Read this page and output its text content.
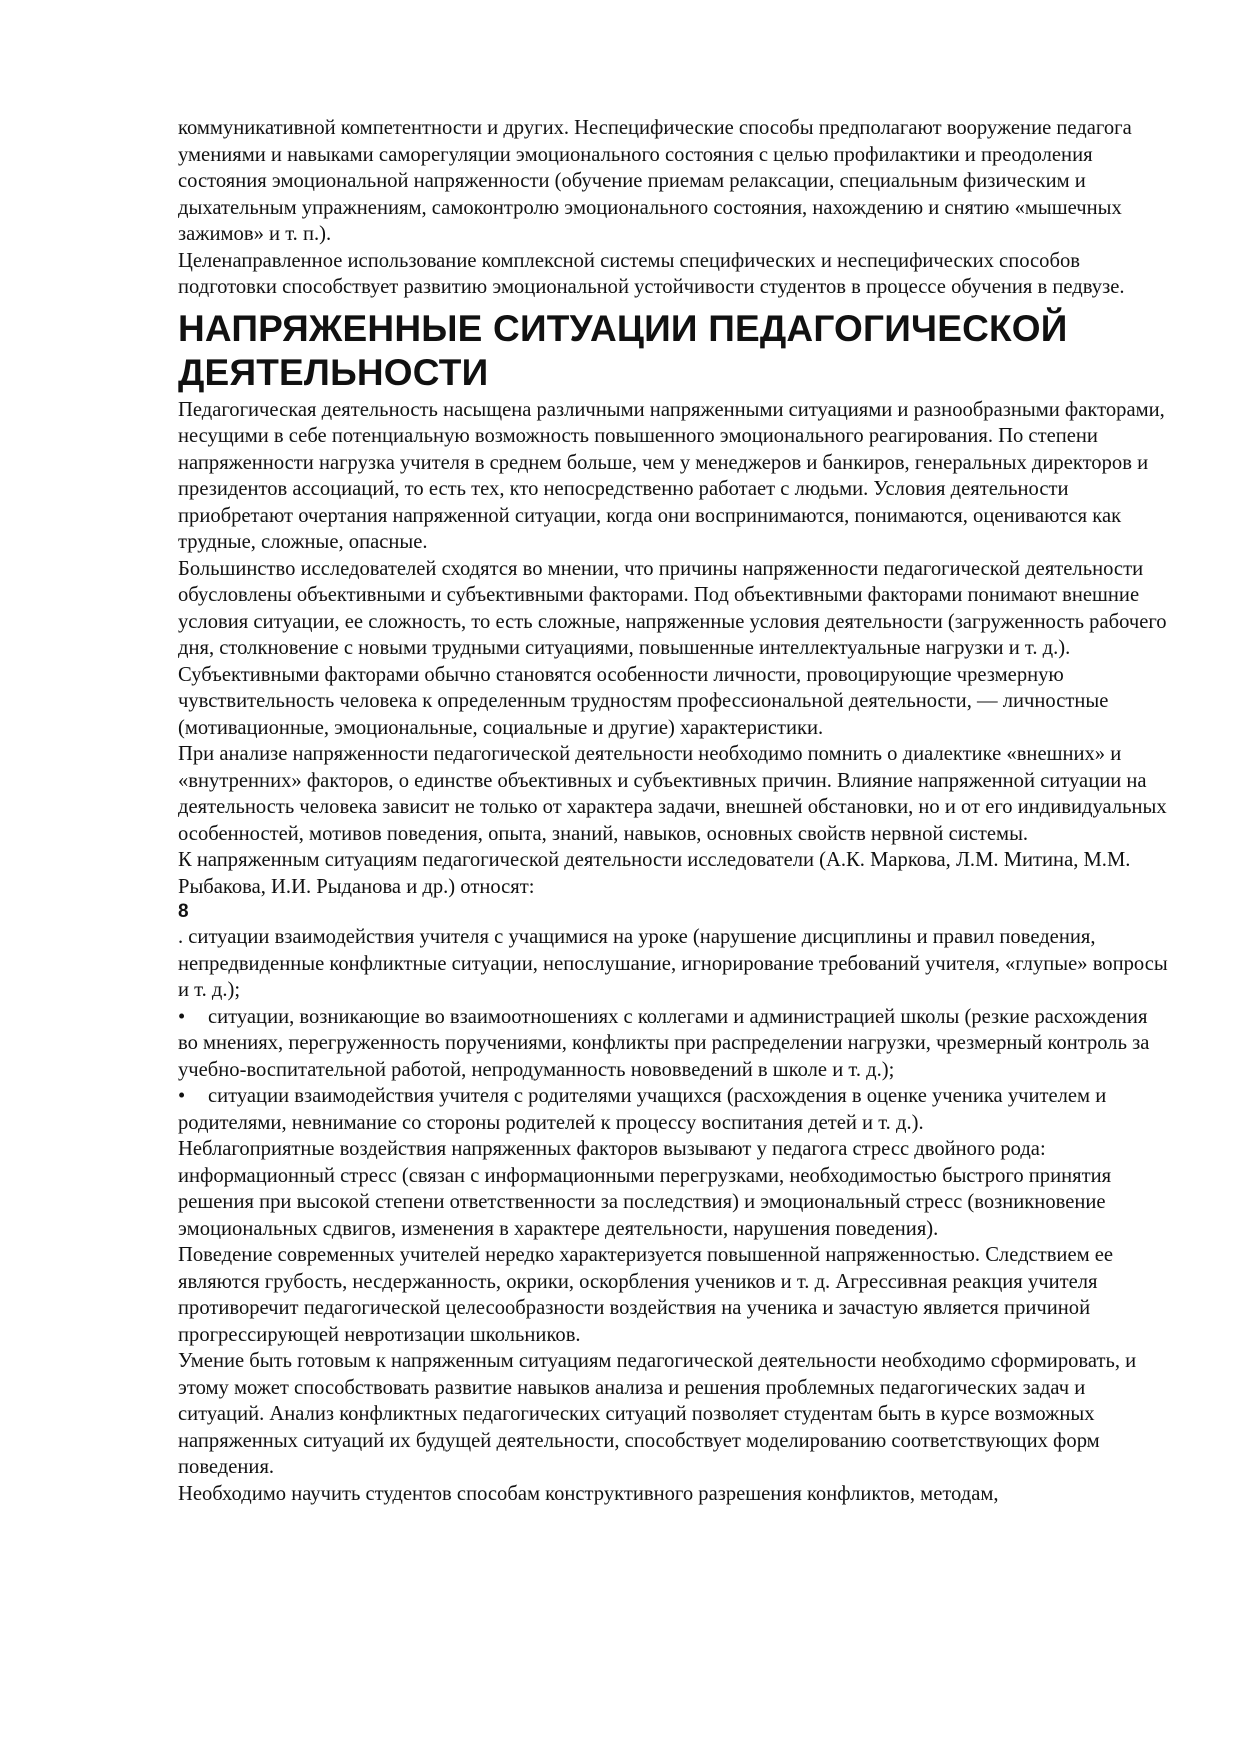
коммуникативной компетентности и других. Неспецифические способы предполагают вооружение педагога умениями и навыками саморегуляции эмоционального состояния с целью профилактики и преодоления состояния эмоциональной напряженности (обучение приемам релаксации, специальным физическим и дыхательным упражнениям, самоконтролю эмоционального состояния, нахождению и снятию «мышечных зажимов» и т. п.).

Целенаправленное использование комплексной системы специфических и неспецифических способов подготовки способствует развитию эмоциональной устойчивости студентов в процессе обучения в педвузе.

НАПРЯЖЕННЫЕ СИТУАЦИИ ПЕДАГОГИЧЕСКОЙ ДЕЯТЕЛЬНОСТИ

Педагогическая деятельность насыщена различными напряженными ситуациями и разнообразными факторами, несущими в себе потенциальную возможность повышенного эмоционального реагирования. По степени напряженности нагрузка учителя в среднем больше, чем у менеджеров и банкиров, генеральных директоров и президентов ассоциаций, то есть тех, кто непосредственно работает с людьми. Условия деятельности приобретают очертания напряженной ситуации, когда они воспринимаются, понимаются, оцениваются как трудные, сложные, опасные.

Большинство исследователей сходятся во мнении, что причины напряженности педагогической деятельности обусловлены объективными и субъективными факторами. Под объективными факторами понимают внешние условия ситуации, ее сложность, то есть сложные, напряженные условия деятельности (загруженность рабочего дня, столкновение с новыми трудными ситуациями, повышенные интеллектуальные нагрузки и т. д.). Субъективными факторами обычно становятся особенности личности, провоцирующие чрезмерную чувствительность человека к определенным трудностям профессиональной деятельности, — личностные (мотивационные, эмоциональные, социальные и другие) характеристики.

При анализе напряженности педагогической деятельности необходимо помнить о диалектике «внешних» и «внутренних» факторов, о единстве объективных и субъективных причин. Влияние напряженной ситуации на деятельность человека зависит не только от характера задачи, внешней обстановки, но и от его индивидуальных особенностей, мотивов поведения, опыта, знаний, навыков, основных свойств нервной системы.

К напряженным ситуациям педагогической деятельности исследователи (А.К. Маркова, Л.М. Митина, М.М. Рыбакова, И.И. Рыданова и др.) относят:

8

. ситуации взаимодействия учителя с учащимися на уроке (нарушение дисциплины и правил поведения, непредвиденные конфликтные ситуации, непослушание, игнорирование требований учителя, «глупые» вопросы и т. д.);

• ситуации, возникающие во взаимоотношениях с коллегами и администрацией школы (резкие расхождения во мнениях, перегруженность поручениями, конфликты при распределении нагрузки, чрезмерный контроль за учебно-воспитательной работой, непродуманность нововведений в школе и т. д.);

• ситуации взаимодействия учителя с родителями учащихся (расхождения в оценке ученика учителем и родителями, невнимание со стороны родителей к процессу воспитания детей и т. д.).

Неблагоприятные воздействия напряженных факторов вызывают у педагога стресс двойного рода: информационный стресс (связан с информационными перегрузками, необходимостью быстрого принятия решения при высокой степени ответственности за последствия) и эмоциональный стресс (возникновение эмоциональных сдвигов, изменения в характере деятельности, нарушения поведения).

Поведение современных учителей нередко характеризуется повышенной напряженностью. Следствием ее являются грубость, несдержанность, окрики, оскорбления учеников и т. д. Агрессивная реакция учителя противоречит педагогической целесообразности воздействия на ученика и зачастую является причиной прогрессирующей невротизации школьников.

Умение быть готовым к напряженным ситуациям педагогической деятельности необходимо сформировать, и этому может способствовать развитие навыков анализа и решения проблемных педагогических задач и ситуаций. Анализ конфликтных педагогических ситуаций позволяет студентам быть в курсе возможных напряженных ситуаций их будущей деятельности, способствует моделированию соответствующих форм поведения.

Необходимо научить студентов способам конструктивного разрешения конфликтов, методам,
